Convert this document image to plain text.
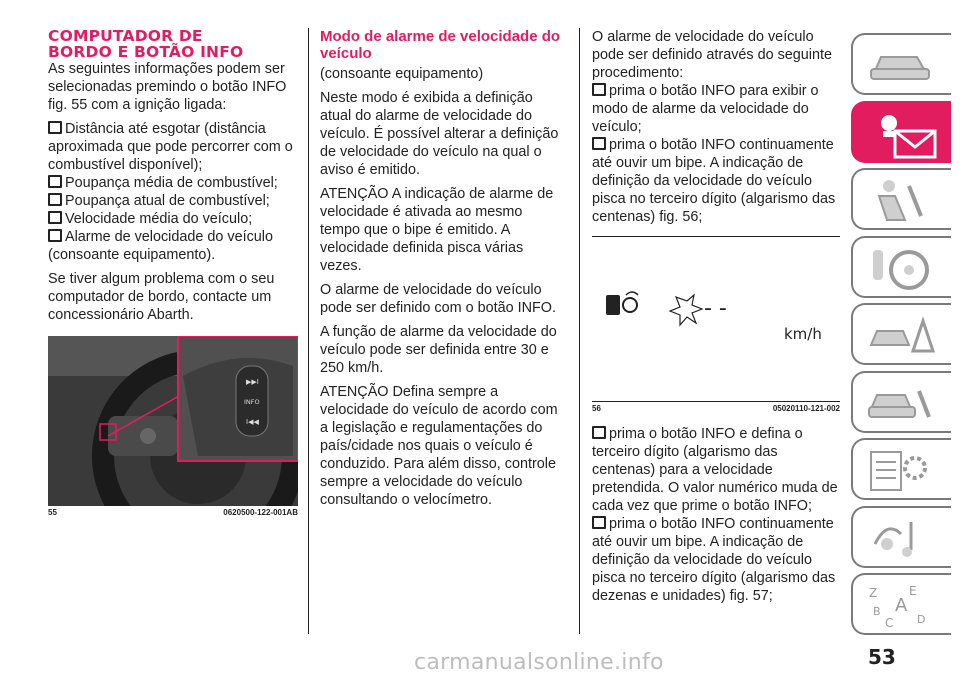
COMPUTADOR DE
BORDO E BOTÃO INFO

As seguintes informações podem ser selecionadas premindo o botão INFO fig. 55 com a ignição ligada:

Distância até esgotar (distância aproximada que pode percorrer com o combustível disponível);
Poupança média de combustível;
Poupança atual de combustível;
Velocidade média do veículo;
Alarme de velocidade do veículo (consoante equipamento).

Se tiver algum problema com o seu computador de bordo, contacte um concessionário Abarth.

▶▶I
INFO
I◀◀
55	0620500-122-001AB
Modo de alarme de velocidade do veículo

(consoante equipamento)

Neste modo é exibida a definição atual do alarme de velocidade do veículo. É possível alterar a definição de velocidade do veículo na qual o aviso é emitido.

ATENÇÃO A indicação de alarme de velocidade é ativada ao mesmo tempo que o bipe é emitido. A velocidade definida pisca várias vezes.

O alarme de velocidade do veículo pode ser definido com o botão INFO.

A função de alarme da velocidade do veículo pode ser definida entre 30 e 250 km/h.

ATENÇÃO Defina sempre a velocidade do veículo de acordo com a legislação e regulamentações do país/cidade nos quais o veículo é conduzido. Para além disso, controle sempre a velocidade do veículo consultando o velocímetro.

O alarme de velocidade do veículo pode ser definido através do seguinte procedimento:

prima o botão INFO para exibir o modo de alarme da velocidade do veículo;
prima o botão INFO continuamente até ouvir um bipe. A indicação de definição da velocidade do veículo pisca no terceiro dígito (algarismo das centenas) fig. 56;
- -
km/h
56	05020110-121-002
prima o botão INFO e defina o terceiro dígito (algarismo das centenas) para a velocidade pretendida. O valor numérico muda de cada vez que prime o botão INFO;
prima o botão INFO continuamente até ouvir um bipe. A indicação de definição da velocidade do veículo pisca no terceiro dígito (algarismo das dezenas e unidades) fig. 57;	Z	E
B A
C D
carmanualsonline.info	53
